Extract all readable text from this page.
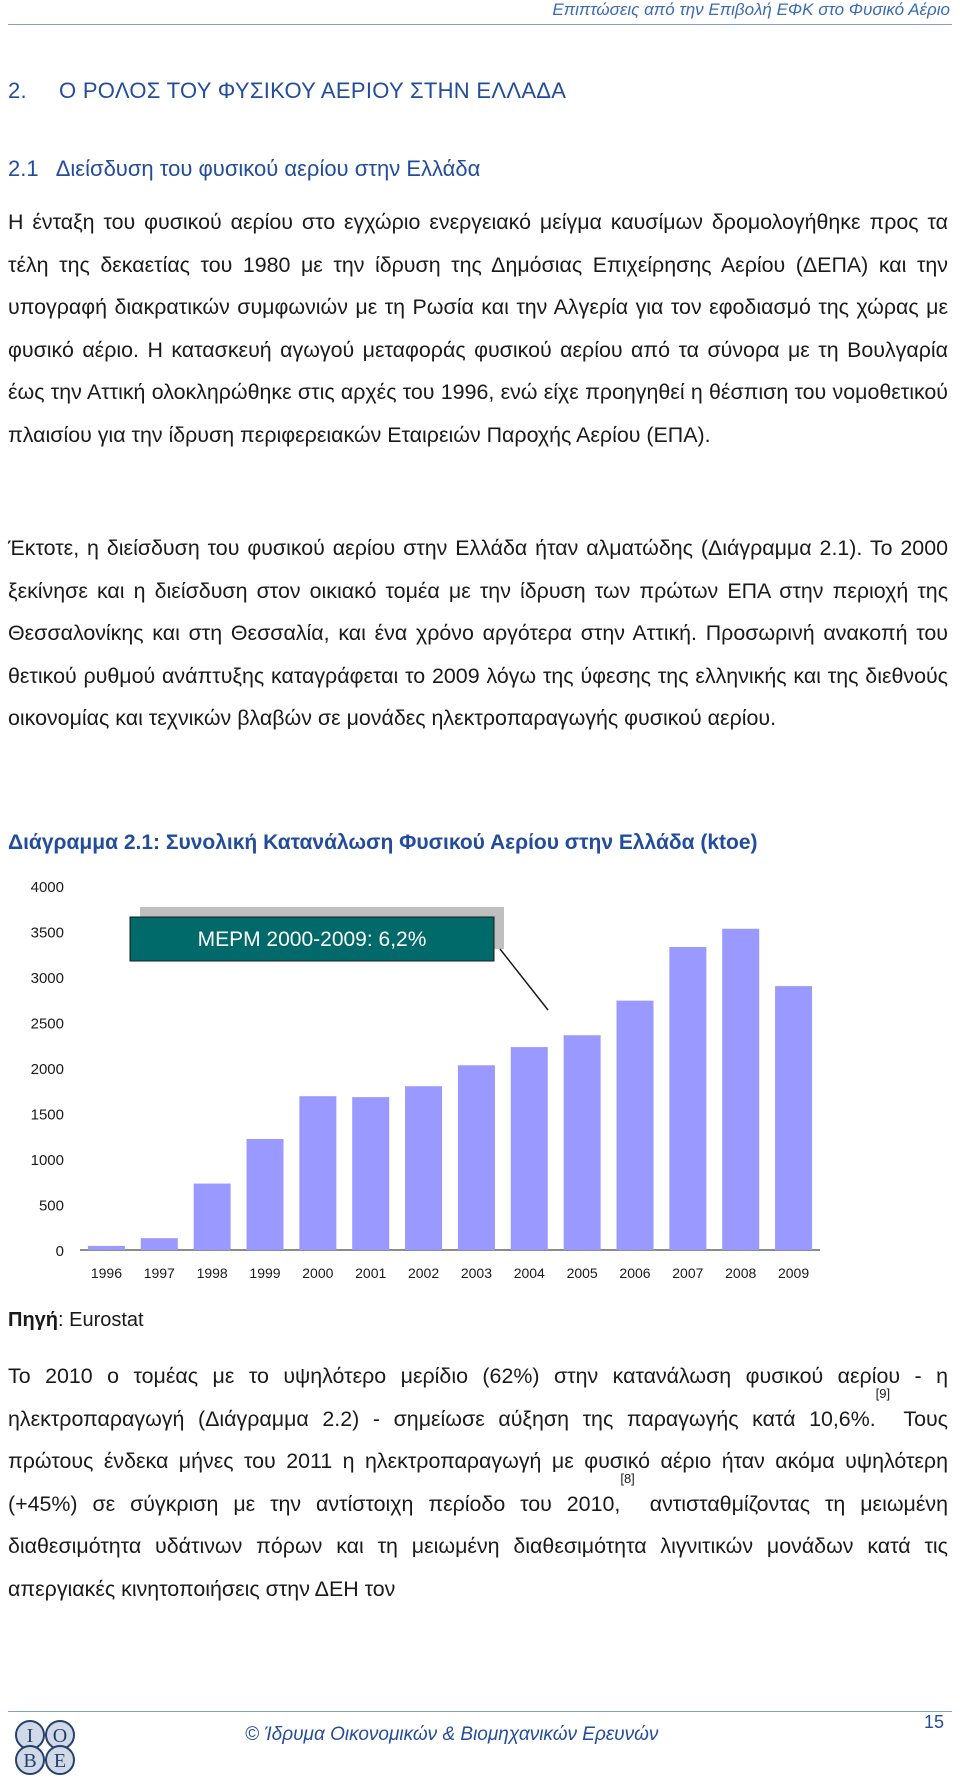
Επιπτώσεις από την Επιβολή ΕΦΚ στο Φυσικό Αέριο
2.     Ο ΡΟΛΟΣ ΤΟΥ ΦΥΣΙΚΟΥ ΑΕΡΙΟΥ ΣΤΗΝ ΕΛΛΑΔΑ
2.1   Διείσδυση του φυσικού αερίου στην Ελλάδα

Η ένταξη του φυσικού αερίου στο εγχώριο ενεργειακό μείγμα καυσίμων δρομολογήθηκε προς τα τέλη της δεκαετίας του 1980 με την ίδρυση της Δημόσιας Επιχείρησης Αερίου (ΔΕΠΑ) και την υπογραφή διακρατικών συμφωνιών με τη Ρωσία και την Αλγερία για τον εφοδιασμό της χώρας με φυσικό αέριο. Η κατασκευή αγωγού μεταφοράς φυσικού αερίου από τα σύνορα με τη Βουλγαρία έως την Αττική ολοκληρώθηκε στις αρχές του 1996, ενώ είχε προηγηθεί η θέσπιση του νομοθετικού πλαισίου για την ίδρυση περιφερειακών Εταιρειών Παροχής Αερίου (ΕΠΑ).

Έκτοτε, η διείσδυση του φυσικού αερίου στην Ελλάδα ήταν αλματώδης (Διάγραμμα 2.1). Το 2000 ξεκίνησε και η διείσδυση στον οικιακό τομέα με την ίδρυση των πρώτων ΕΠΑ στην περιοχή της Θεσσαλονίκης και στη Θεσσαλία, και ένα χρόνο αργότερα στην Αττική. Προσωρινή ανακοπή του θετικού ρυθμού ανάπτυξης καταγράφεται το 2009 λόγω της ύφεσης της ελληνικής και της διεθνούς οικονομίας και τεχνικών βλαβών σε μονάδες ηλεκτροπαραγωγής φυσικού αερίου.

Διάγραμμα 2.1: Συνολική Κατανάλωση Φυσικού Αερίου στην Ελλάδα (ktoe)
0
500
1000
1500
2000
2500
3000
3500
4000
1996 1997 1998 1999 2000 2001 2002 2003 2004 2005 2006 2007 2008 2009
ΜΕΡΜ 2000-2009: 6,2%
Πηγή: Eurostat

Το 2010 ο τομέας με το υψηλότερο μερίδιο (62%) στην κατανάλωση φυσικού αερίου - η ηλεκτροπαραγωγή (Διάγραμμα 2.2) - σημείωσε αύξηση της παραγωγής κατά 10,6%.[9] Τους πρώτους ένδεκα μήνες του 2011 η ηλεκτροπαραγωγή με φυσικό αέριο ήταν ακόμα υψηλότερη (+45%) σε σύγκριση με την αντίστοιχη περίοδο του 2010,[8] αντισταθμίζοντας τη μειωμένη διαθεσιμότητα υδάτινων πόρων και τη μειωμένη διαθεσιμότητα λιγνιτικών μονάδων κατά τις απεργιακές κινητοποιήσεις στην ΔΕΗ τον

I O
B E
© Ίδρυμα Οικονομικών & Βιομηχανικών Ερευνών
15
